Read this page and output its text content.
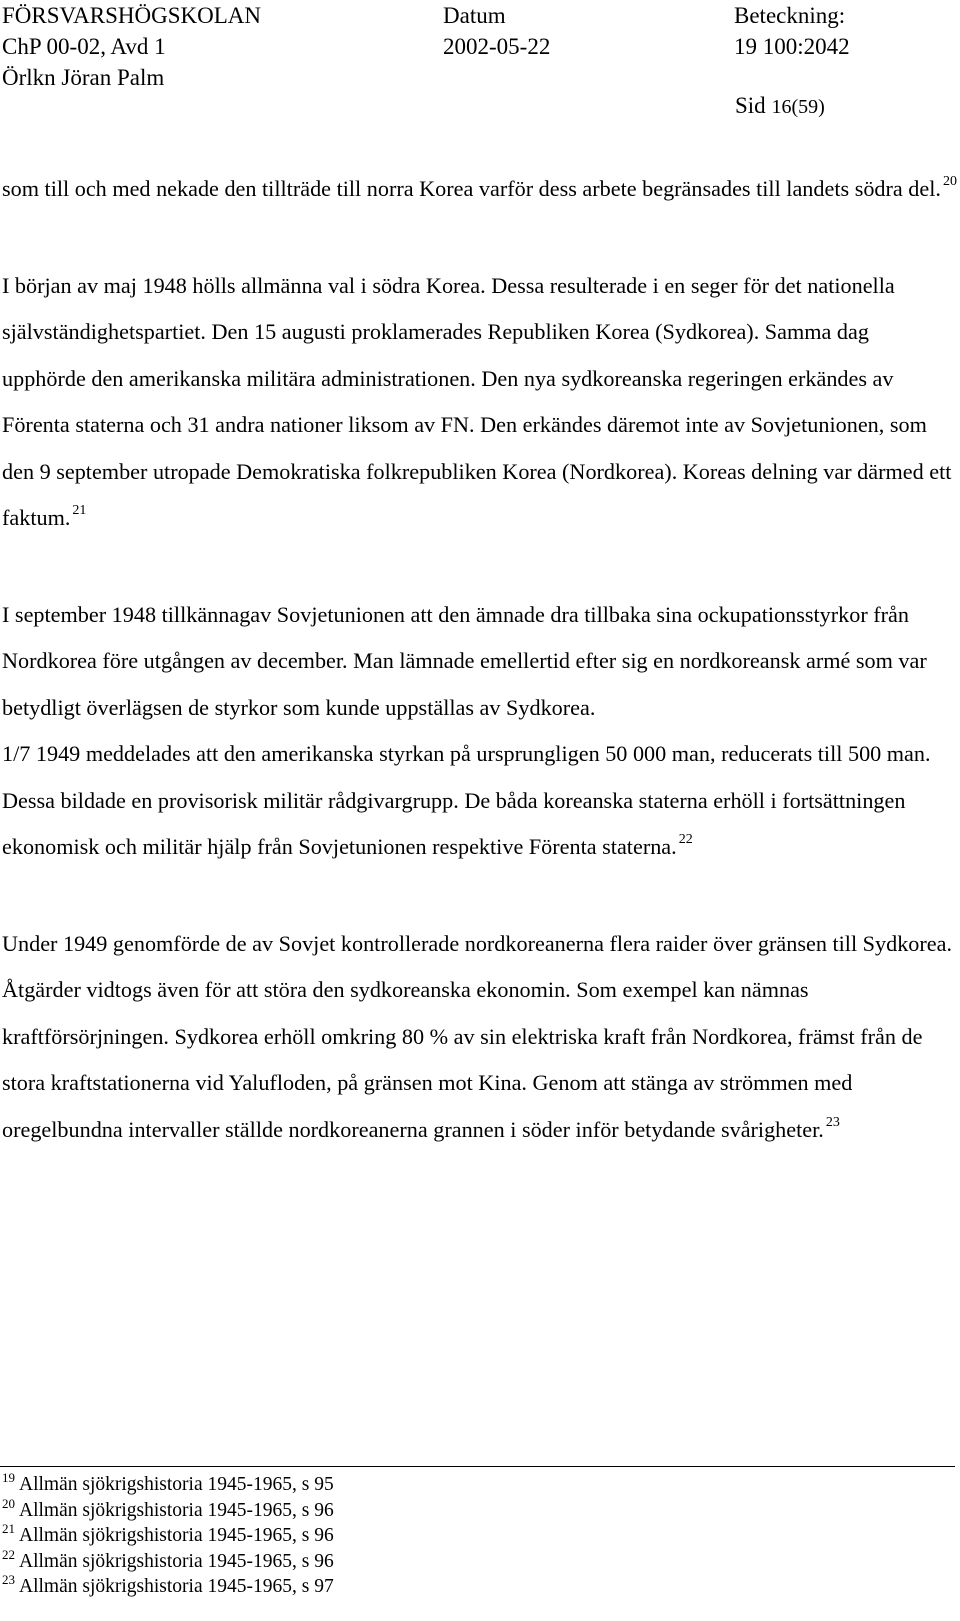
FÖRSVARSHÖGSKOLAN
ChP 00-02, Avd 1
Örlkn Jöran Palm
Datum
2002-05-22
Beteckning:
19 100:2042
Sid 16(59)

som till och med nekade den tillträde till norra Korea varför dess arbete begränsades till landets södra del. $^{20}$

I början av maj 1948 hölls allmänna val i södra Korea. Dessa resulterade i en seger för det nationella självständighetspartiet. Den 15 augusti proklamerades Republiken Korea (Sydkorea). Samma dag upphörde den amerikanska militära administrationen. Den nya sydkoreanska regeringen erkändes av Förenta staterna och 31 andra nationer liksom av FN. Den erkändes däremot inte av Sovjetunionen, som den 9 september utropade Demokratiska folkrepubliken Korea (Nordkorea). Koreas delning var därmed ett faktum. $^{21}$

I september 1948 tillkännagav Sovjetunionen att den ämnade dra tillbaka sina ockupationsstyrkor från Nordkorea före utgången av december. Man lämnade emellertid efter sig en nordkoreansk armé som var betydligt överlägsen de styrkor som kunde uppställas av Sydkorea.

1/7 1949 meddelades att den amerikanska styrkan på ursprungligen 50 000 man, reducerats till 500 man. Dessa bildade en provisorisk militär rådgivargrupp. De båda koreanska staterna erhöll i fortsättningen ekonomisk och militär hjälp från Sovjetunionen respektive Förenta staterna. $^{22}$

Under 1949 genomförde de av Sovjet kontrollerade nordkoreanerna flera raider över gränsen till Sydkorea. Åtgärder vidtogs även för att störa den sydkoreanska ekonomin. Som exempel kan nämnas kraftförsörjningen. Sydkorea erhöll omkring 80 % av sin elektriska kraft från Nordkorea, främst från de stora kraftstationerna vid Yalufloden, på gränsen mot Kina. Genom att stänga av strömmen med oregelbundna intervaller ställde nordkoreanerna grannen i söder inför betydande svårigheter. $^{23}$

$^{19}$ Allmän sjökrigshistoria 1945-1965, s 95
$^{20}$ Allmän sjökrigshistoria 1945-1965, s 96
$^{21}$ Allmän sjökrigshistoria 1945-1965, s 96
$^{22}$ Allmän sjökrigshistoria 1945-1965, s 96
$^{23}$ Allmän sjökrigshistoria 1945-1965, s 97
